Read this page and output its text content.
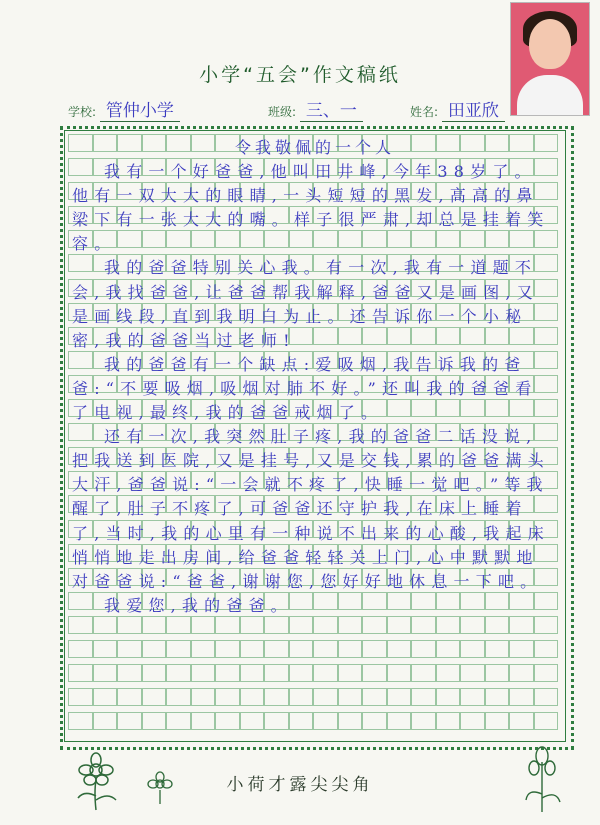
小学“五会”作文稿纸
学校: 管仲小学	班级: 三、一	姓名: 田亚欣
令我敬佩的一个人

我有一个好爸爸,他叫田井峰,今年38岁了。他有一双大大的眼睛,一头短短的黑发,高高的鼻梁下有一张大大的嘴。样子很严肃,却总是挂着笑容。

我的爸爸特别关心我。有一次,我有一道题不会,我找爸爸,让爸爸帮我解释,爸爸又是画图,又是画线段,直到我明白为止。还告诉你一个小秘密,我的爸爸当过老师!

我的爸爸有一个缺点:爱吸烟,我告诉我的爸爸:“不要吸烟,吸烟对肺不好。”还叫我的爸爸看了电视,最终,我的爸爸戒烟了。

还有一次,我突然肚子疼,我的爸爸二话没说,把我送到医院,又是挂号,又是交钱,累的爸爸满头大汗,爸爸说:“一会就不疼了,快睡一觉吧。”等我醒了,肚子不疼了,可爸爸还守护我,在床上睡着了,当时,我的心里有一种说不出来的心酸,我起床悄悄地走出房间,给爸爸轻轻关上门,心中默默地对爸爸说:“爸爸,谢谢您,您好好地休息一下吧。

我爱您,我的爸爸。

小荷才露尖尖角
